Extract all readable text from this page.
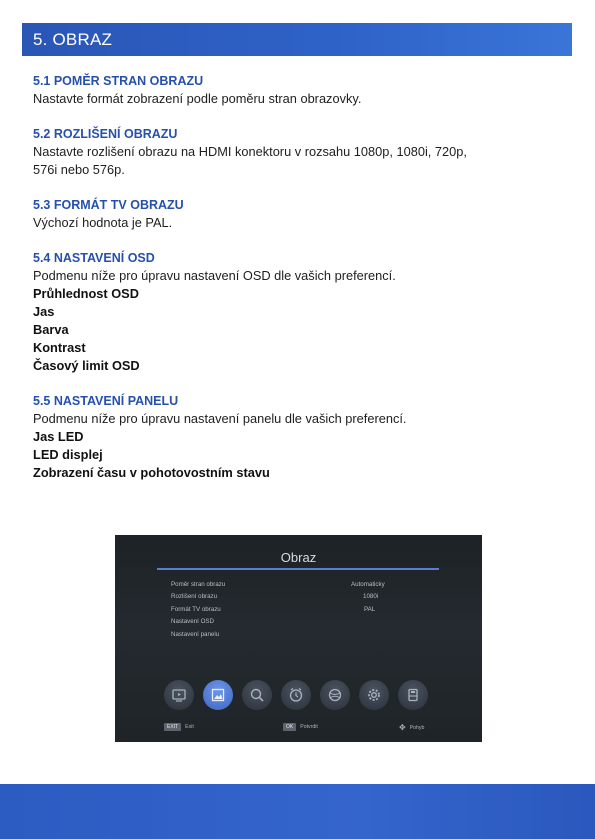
5. OBRAZ
5.1 POMĚR STRAN OBRAZU
Nastavte formát zobrazení podle poměru stran obrazovky.
5.2 ROZLIŠENÍ OBRAZU
Nastavte rozlišení obrazu na HDMI konektoru v rozsahu 1080p, 1080i, 720p,
576i nebo 576p.
5.3 FORMÁT TV OBRAZU
Výchozí hodnota je PAL.
5.4 NASTAVENÍ OSD
Podmenu níže pro úpravu nastavení OSD dle vašich preferencí.
Průhlednost OSD
Jas
Barva
Kontrast
Časový limit OSD
5.5 NASTAVENÍ PANELU
Podmenu níže pro úpravu nastavení panelu dle vašich preferencí.
Jas LED
LED displej
Zobrazení času v pohotovostním stavu
Obraz
Poměr stran obrazu	Automaticky
Rozlišení obrazu	1080i
Formát TV obrazu	PAL
Nastavení OSD
Nastavení panelu
EXIT	Exit	OK	Potvrdit	✥ Pohyb
